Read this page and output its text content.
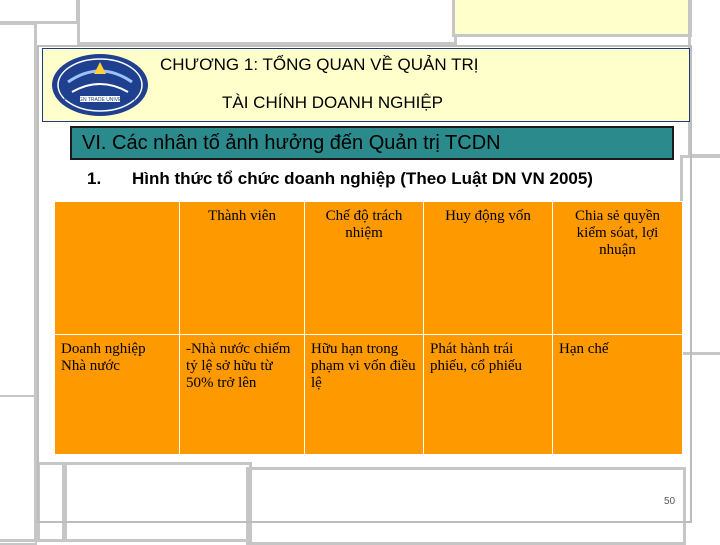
FOREIGN TRADE UNIVERSITY
CHƯƠNG 1: TỔNG QUAN VỀ QUẢN TRỊ
TÀI CHÍNH DOANH NGHIỆP
VI. Các nhân tố ảnh hưởng đến Quản trị TCDN
1. Hình thức tổ chức doanh nghiệp (Theo Luật DN VN 2005)
	Thành viên	Chế độ trách nhiệm	Huy động vốn	Chia sẻ quyền kiểm sóat, lợi nhuận
Doanh nghiệp Nhà nước	-Nhà nước chiếm tỷ lệ sở hữu từ 50% trở lên	Hữu hạn trong phạm vi vốn điều lệ	Phát hành trái phiếu, cổ phiếu	Hạn chế
50
